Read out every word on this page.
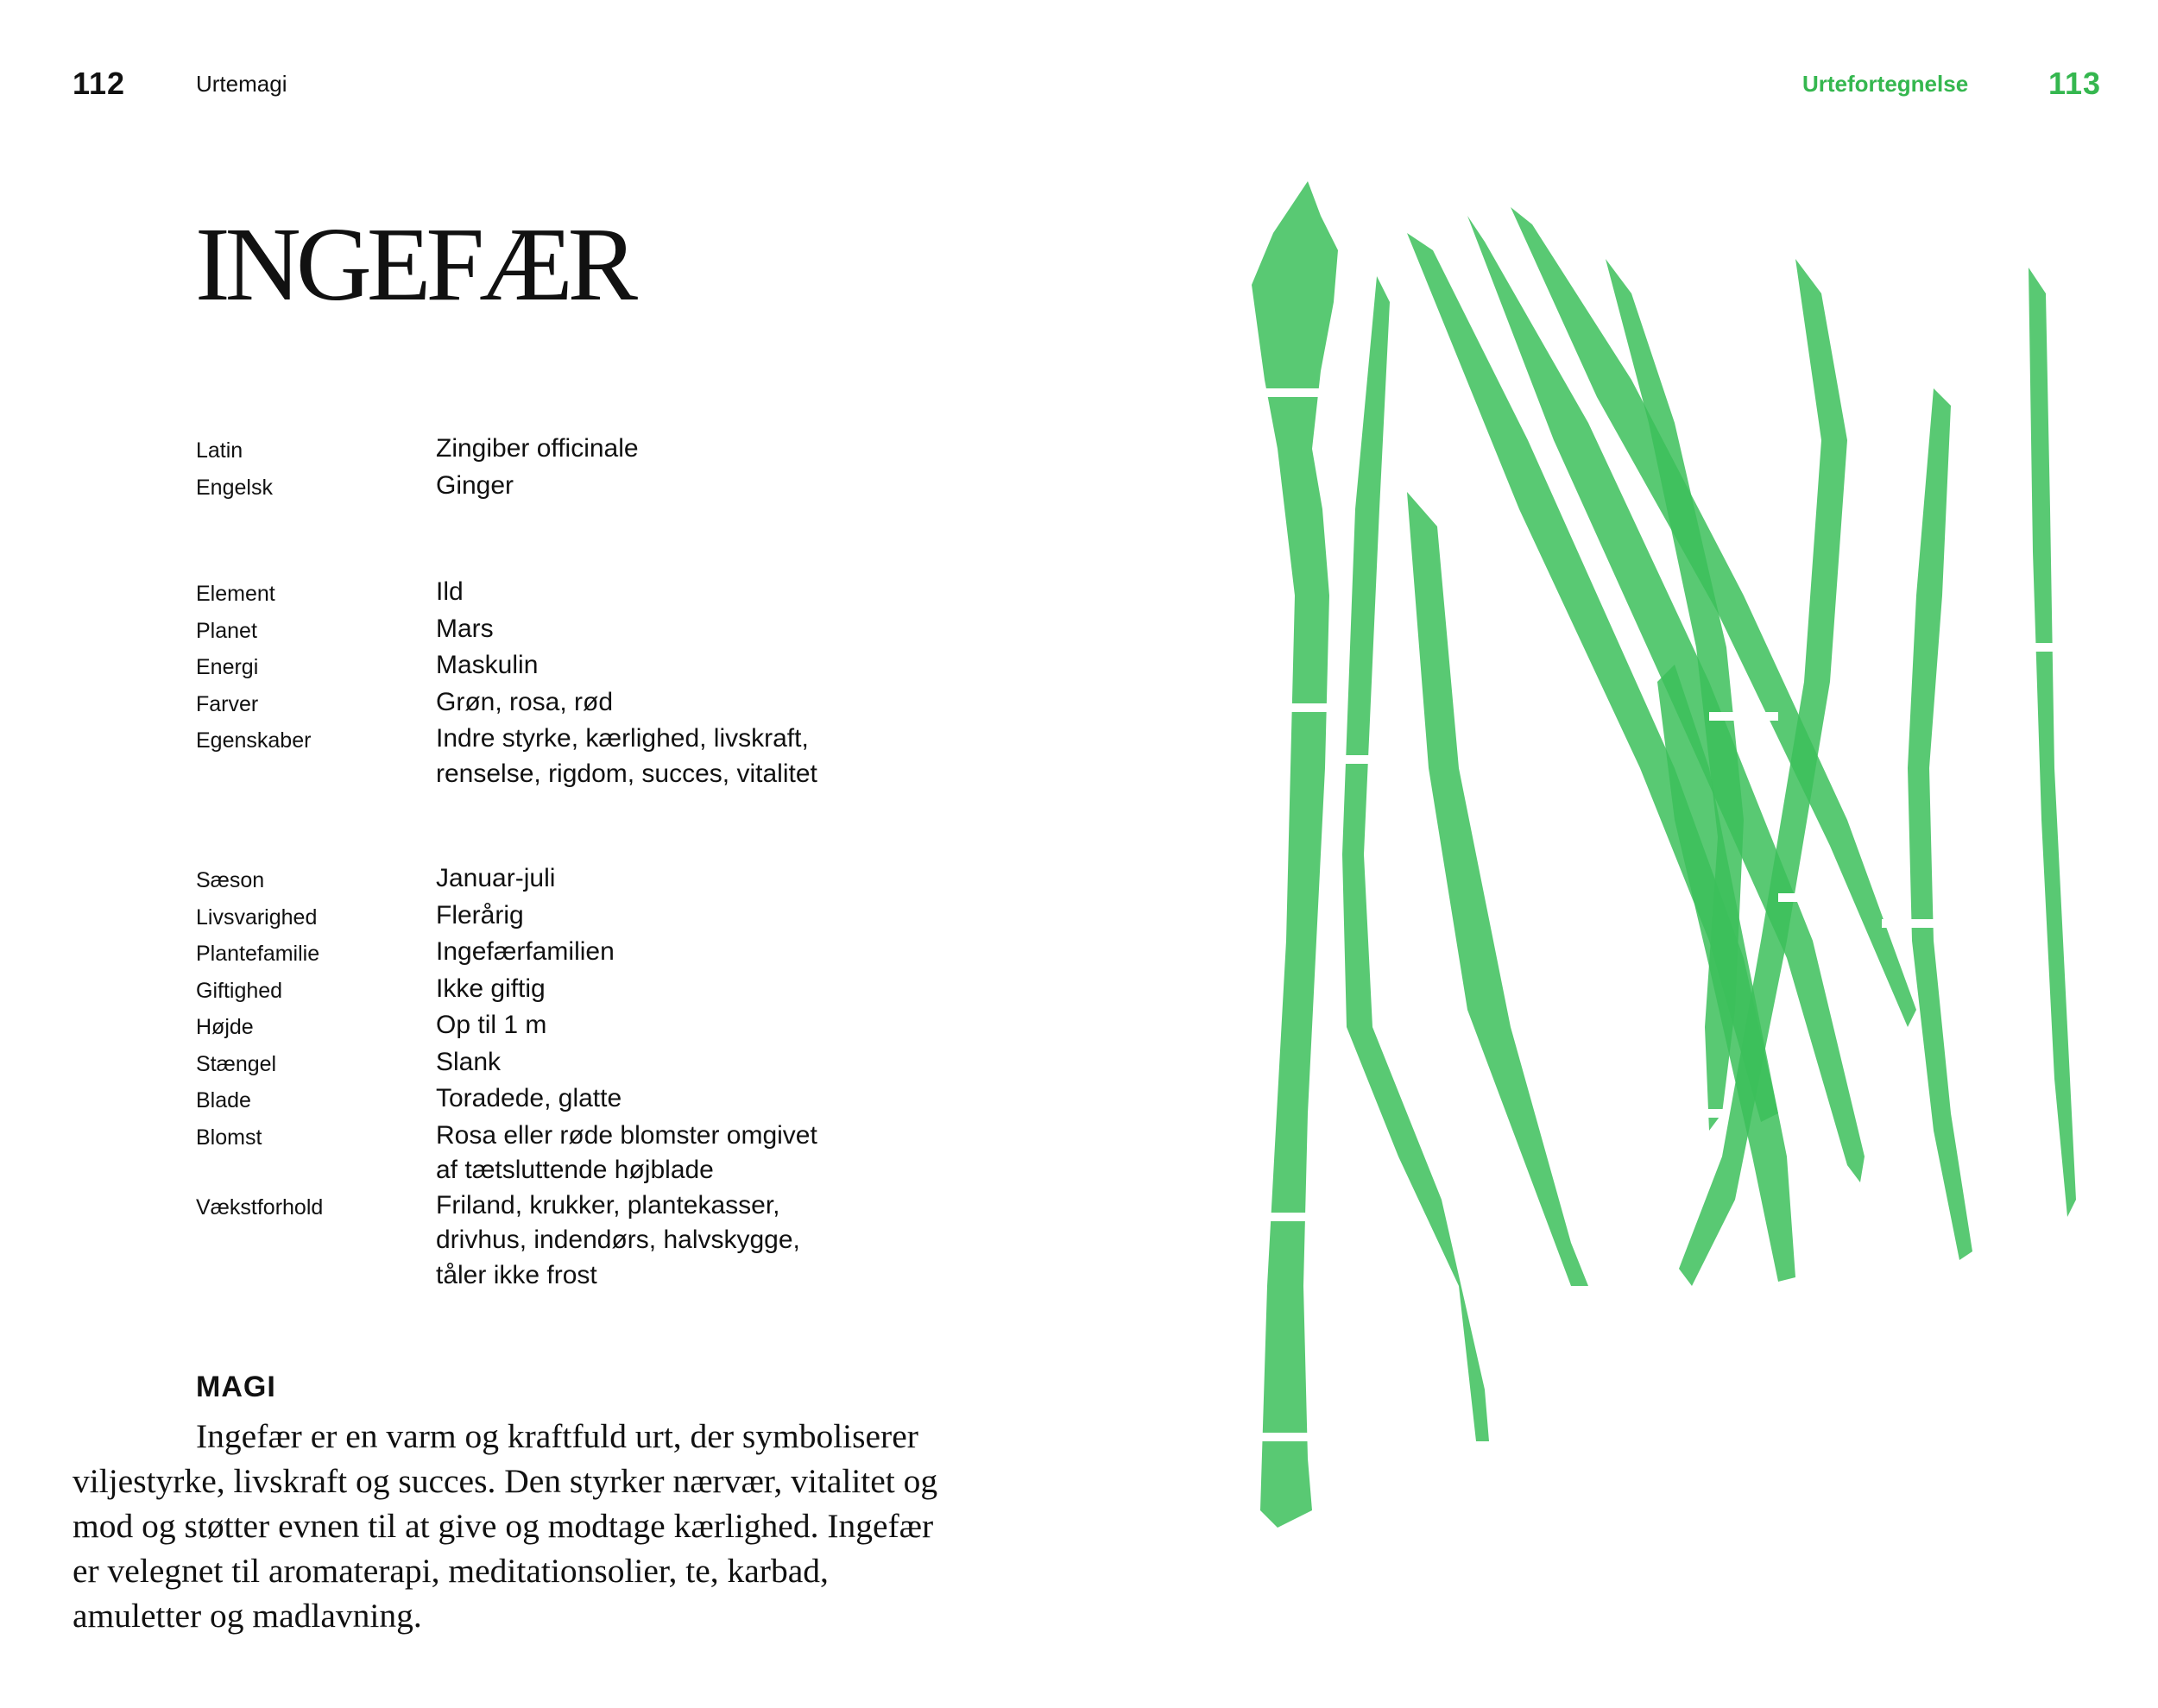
112	Urtemagi	Urtefortegnelse	113
INGEFÆR
Latin	Zingiber officinale
Engelsk	Ginger
Element	Ild
Planet	Mars
Energi	Maskulin
Farver	Grøn, rosa, rød
Egenskaber	Indre styrke, kærlighed, livskraft,
renselse, rigdom, succes, vitalitet
Sæson	Januar-juli
Livsvarighed	Flerårig
Plantefamilie	Ingefærfamilien
Giftighed	Ikke giftig
Højde	Op til 1 m
Stængel	Slank
Blade	Toradede, glatte
Blomst	Rosa eller røde blomster omgivet
af tætsluttende højblade
Vækstforhold	Friland, krukker, plantekasser,
drivhus, indendørs, halvskygge,
tåler ikke frost
MAGI

Ingefær er en varm og kraftfuld urt, der symboliserer viljestyrke, livskraft og succes. Den styrker nærvær, vitalitet og mod og støtter evnen til at give og modtage kærlighed. Ingefær er velegnet til aromaterapi, meditationsolier, te, karbad, amuletter og madlavning.
